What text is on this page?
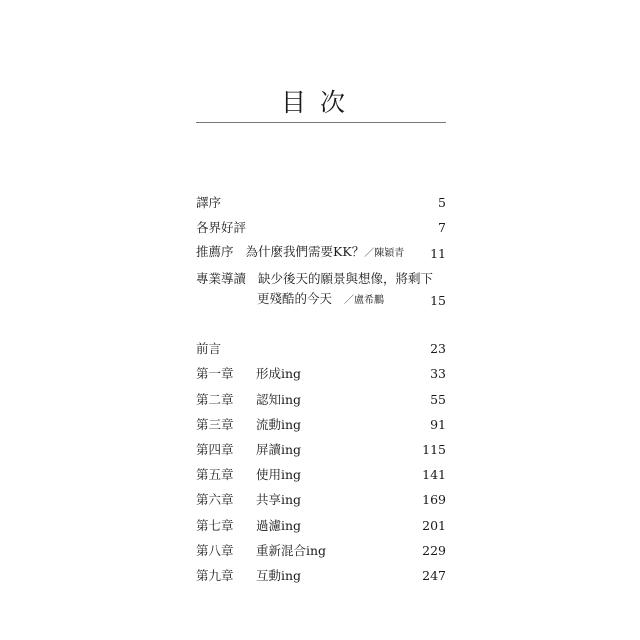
目次
譯序	5
各界好評	7
推薦序 為什麼我們需要KK？／陳穎青 11
專業導讀 缺少後天的願景與想像，將剩下
更殘酷的今天 ／盧希鵬	15
前言	23
第一章 形成ing	33
第二章 認知ing	55
第三章 流動ing	91
第四章 屏讀ing	115
第五章 使用ing	141
第六章 共享ing	169
第七章 過濾ing	201
第八章 重新混合ing	229
第九章 互動ing	247
